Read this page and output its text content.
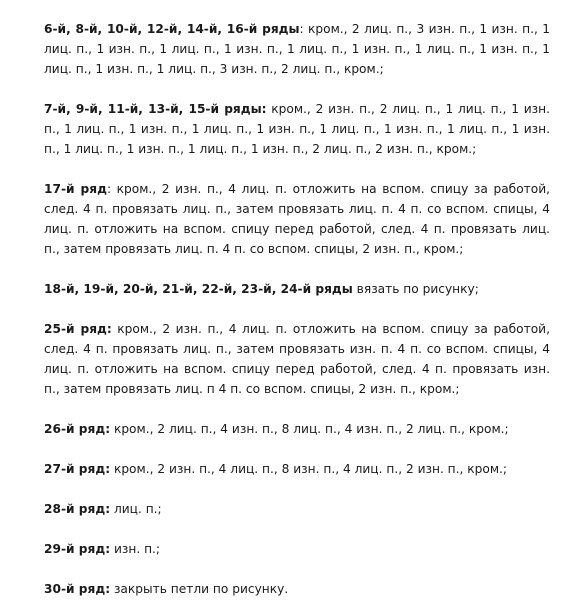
6-й, 8-й, 10-й, 12-й, 14-й, 16-й ряды: кром., 2 лиц. п., 3 изн. п., 1 изн. п., 1 лиц. п., 1 изн. п., 1 лиц. п., 1 изн. п., 1 лиц. п., 1 изн. п., 1 лиц. п., 1 изн. п., 1 лиц. п., 1 изн. п., 1 лиц. п., 3 изн. п., 2 лиц. п., кром.;

7-й, 9-й, 11-й, 13-й, 15-й ряды: кром., 2 изн. п., 2 лиц. п., 1 лиц. п., 1 изн. п., 1 лиц. п., 1 изн. п., 1 лиц. п., 1 изн. п., 1 лиц. п., 1 изн. п., 1 лиц. п., 1 изн. п., 1 лиц. п., 1 изн. п., 1 лиц. п., 1 изн. п., 2 лиц. п., 2 изн. п., кром.;

17-й ряд: кром., 2 изн. п., 4 лиц. п. отложить на вспом. спицу за работой, след. 4 п. провязать лиц. п., затем провязать лиц. п. 4 п. со вспом. спицы, 4 лиц. п. отложить на вспом. спицу перед работой, след. 4 п. провязать лиц. п., затем провязать лиц. п. 4 п. со вспом. спицы, 2 изн. п., кром.;

18-й, 19-й, 20-й, 21-й, 22-й, 23-й, 24-й ряды вязать по рисунку;

25-й ряд: кром., 2 изн. п., 4 лиц. п. отложить на вспом. спицу за работой, след. 4 п. провязать лиц. п., затем провязать изн. п. 4 п. со вспом. спицы, 4 лиц. п. отложить на вспом. спицу перед работой, след. 4 п. провязать изн. п., затем провязать лиц. п 4 п. со вспом. спицы, 2 изн. п., кром.;

26-й ряд: кром., 2 лиц. п., 4 изн. п., 8 лиц. п., 4 изн. п., 2 лиц. п., кром.;

27-й ряд: кром., 2 изн. п., 4 лиц. п., 8 изн. п., 4 лиц. п., 2 изн. п., кром.;

28-й ряд: лиц. п.;

29-й ряд: изн. п.;

30-й ряд: закрыть петли по рисунку.
